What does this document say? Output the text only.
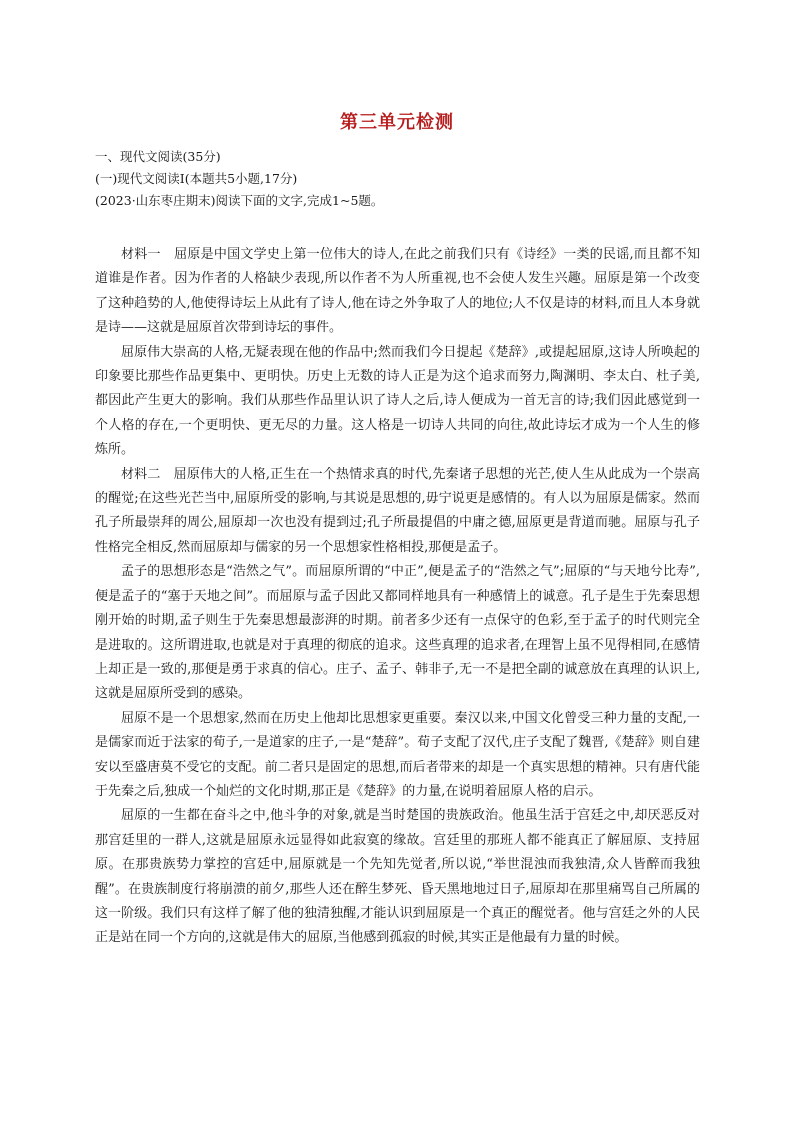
第三单元检测
一、现代文阅读(35分)
(一)现代文阅读Ⅰ(本题共5小题,17分)
(2023·山东枣庄期末)阅读下面的文字,完成1~5题。

材料一　屈原是中国文学史上第一位伟大的诗人,在此之前我们只有《诗经》一类的民谣,而且都不知道谁是作者。因为作者的人格缺少表现,所以作者不为人所重视,也不会使人发生兴趣。屈原是第一个改变了这种趋势的人,他使得诗坛上从此有了诗人,他在诗之外争取了人的地位;人不仅是诗的材料,而且人本身就是诗——这就是屈原首次带到诗坛的事件。

屈原伟大崇高的人格,无疑表现在他的作品中;然而我们今日提起《楚辞》,或提起屈原,这诗人所唤起的印象要比那些作品更集中、更明快。历史上无数的诗人正是为这个追求而努力,陶渊明、李太白、杜子美,都因此产生更大的影响。我们从那些作品里认识了诗人之后,诗人便成为一首无言的诗;我们因此感觉到一个人格的存在,一个更明快、更无尽的力量。这人格是一切诗人共同的向往,故此诗坛才成为一个人生的修炼所。

材料二　屈原伟大的人格,正生在一个热情求真的时代,先秦诸子思想的光芒,使人生从此成为一个崇高的醒觉;在这些光芒当中,屈原所受的影响,与其说是思想的,毋宁说更是感情的。有人以为屈原是儒家。然而孔子所最崇拜的周公,屈原却一次也没有提到过;孔子所最提倡的中庸之德,屈原更是背道而驰。屈原与孔子性格完全相反,然而屈原却与儒家的另一个思想家性格相投,那便是孟子。

孟子的思想形态是“浩然之气”。而屈原所谓的“中正”,便是孟子的“浩然之气”;屈原的“与天地兮比寿”,便是孟子的“塞于天地之间”。而屈原与孟子因此又都同样地具有一种感情上的诚意。孔子是生于先秦思想刚开始的时期,孟子则生于先秦思想最澎湃的时期。前者多少还有一点保守的色彩,至于孟子的时代则完全是进取的。这所谓进取,也就是对于真理的彻底的追求。这些真理的追求者,在理智上虽不见得相同,在感情上却正是一致的,那便是勇于求真的信心。庄子、孟子、韩非子,无一不是把全副的诚意放在真理的认识上,这就是屈原所受到的感染。

屈原不是一个思想家,然而在历史上他却比思想家更重要。秦汉以来,中国文化曾受三种力量的支配,一是儒家而近于法家的荀子,一是道家的庄子,一是“楚辞”。荀子支配了汉代,庄子支配了魏晋,《楚辞》则自建安以至盛唐莫不受它的支配。前二者只是固定的思想,而后者带来的却是一个真实思想的精神。只有唐代能于先秦之后,独成一个灿烂的文化时期,那正是《楚辞》的力量,在说明着屈原人格的启示。

屈原的一生都在奋斗之中,他斗争的对象,就是当时楚国的贵族政治。他虽生活于宫廷之中,却厌恶反对那宫廷里的一群人,这就是屈原永远显得如此寂寞的缘故。宫廷里的那班人都不能真正了解屈原、支持屈原。在那贵族势力掌控的宫廷中,屈原就是一个先知先觉者,所以说,“举世混浊而我独清,众人皆醉而我独醒”。在贵族制度行将崩溃的前夕,那些人还在醉生梦死、昏天黑地地过日子,屈原却在那里痛骂自己所属的这一阶级。我们只有这样了解了他的独清独醒,才能认识到屈原是一个真正的醒觉者。他与宫廷之外的人民正是站在同一个方向的,这就是伟大的屈原,当他感到孤寂的时候,其实正是他最有力量的时候。
